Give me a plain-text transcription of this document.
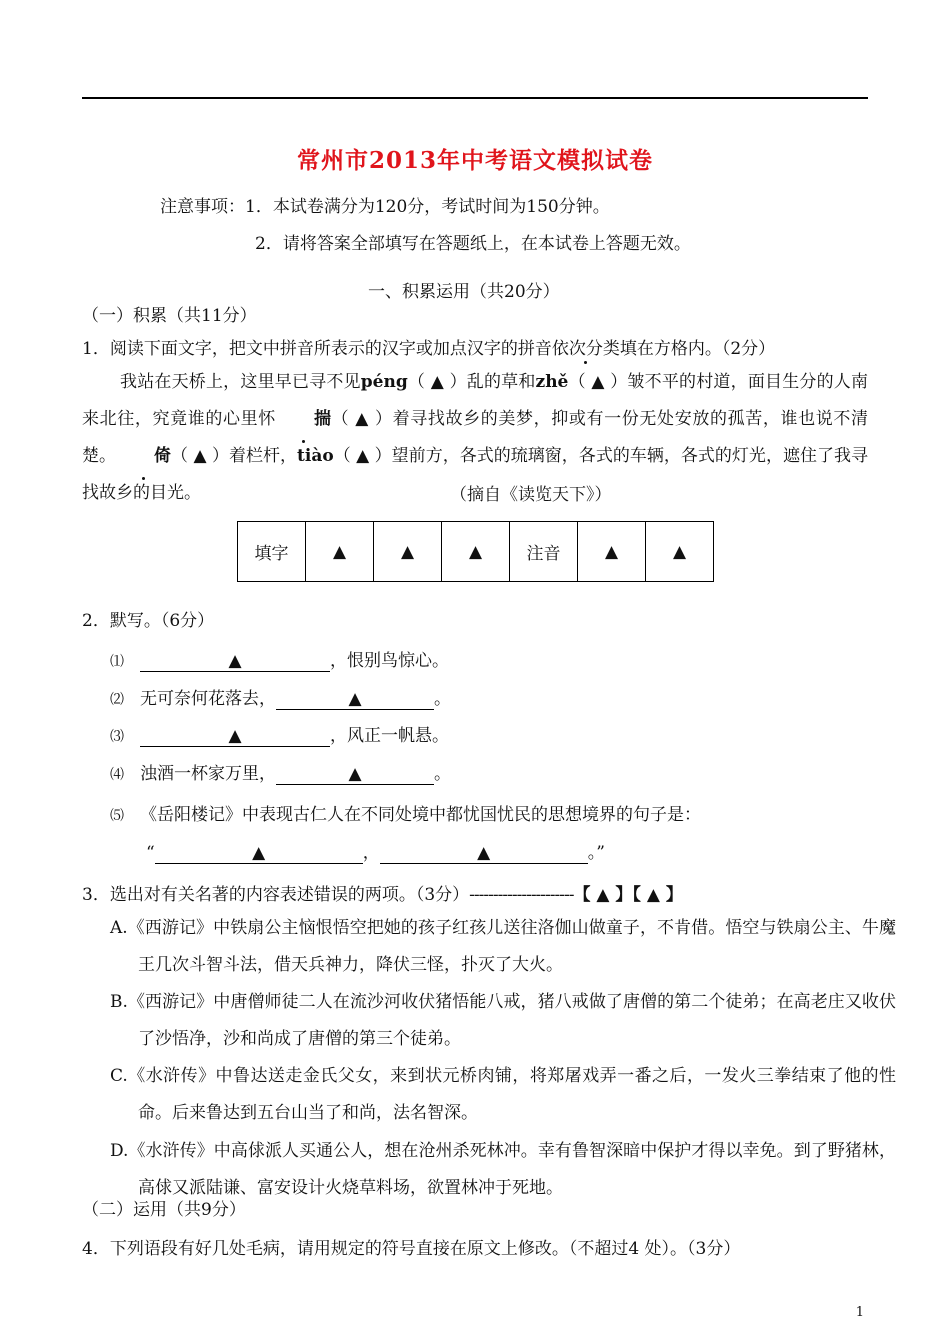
常州市2013年中考语文模拟试卷
注意事项：1．本试卷满分为120分，考试时间为150分钟。
2．请将答案全部填写在答题纸上，在本试卷上答题无效。
一、积累运用（共20分）
（一）积累（共11分）
1．阅读下面文字，把文中拼音所表示的汉字或加点汉字的拼音依次分类填在方格内。（2分）
我站在天桥上，这里早已寻不见péng（ ▲ ）乱的草和zhě（ ▲ ）皱不平的村道，面目生分的人南来北往，究竟谁的心里怀 揣（ ▲ ）着寻找故乡的美梦，抑或有一份无处安放的孤苦，谁也说不清楚。 倚（ ▲ ）着栏杆，tiào（ ▲ ）望前方，各式的琉璃窗，各式的车辆，各式的灯光，遮住了我寻找故乡的目光。	（摘自《读览天下》）
填字	▲	▲	▲	注音	▲	▲
2．默写。（6分）
⑴	▲	，恨别鸟惊心。
⑵ 无可奈何花落去，	▲	。
⑶	▲	，风正一帆悬。
⑷ 浊酒一杯家万里，	▲	。
⑸ 《岳阳楼记》中表现古仁人在不同处境中都忧国忧民的思想境界的句子是：
“	▲	，	▲	。”
3．选出对有关名著的内容表述错误的两项。（3分）----------------------【 ▲ 】【 ▲ 】
A.《西游记》中铁扇公主恼恨悟空把她的孩子红孩儿送往洛伽山做童子，不肯借。悟空与铁扇公主、牛魔王几次斗智斗法，借天兵神力，降伏三怪，扑灭了大火。
B.《西游记》中唐僧师徒二人在流沙河收伏猪悟能八戒，猪八戒做了唐僧的第二个徒弟；在高老庄又收伏了沙悟净，沙和尚成了唐僧的第三个徒弟。
C.《水浒传》中鲁达送走金氏父女，来到状元桥肉铺，将郑屠戏弄一番之后，一发火三拳结束了他的性命。后来鲁达到五台山当了和尚，法名智深。
D.《水浒传》中高俅派人买通公人，想在沧州杀死林冲。幸有鲁智深暗中保护才得以幸免。到了野猪林，高俅又派陆谦、富安设计火烧草料场，欲置林冲于死地。
（二）运用（共9分）
4．下列语段有好几处毛病，请用规定的符号直接在原文上修改。（不超过4 处）。（3分）
1
